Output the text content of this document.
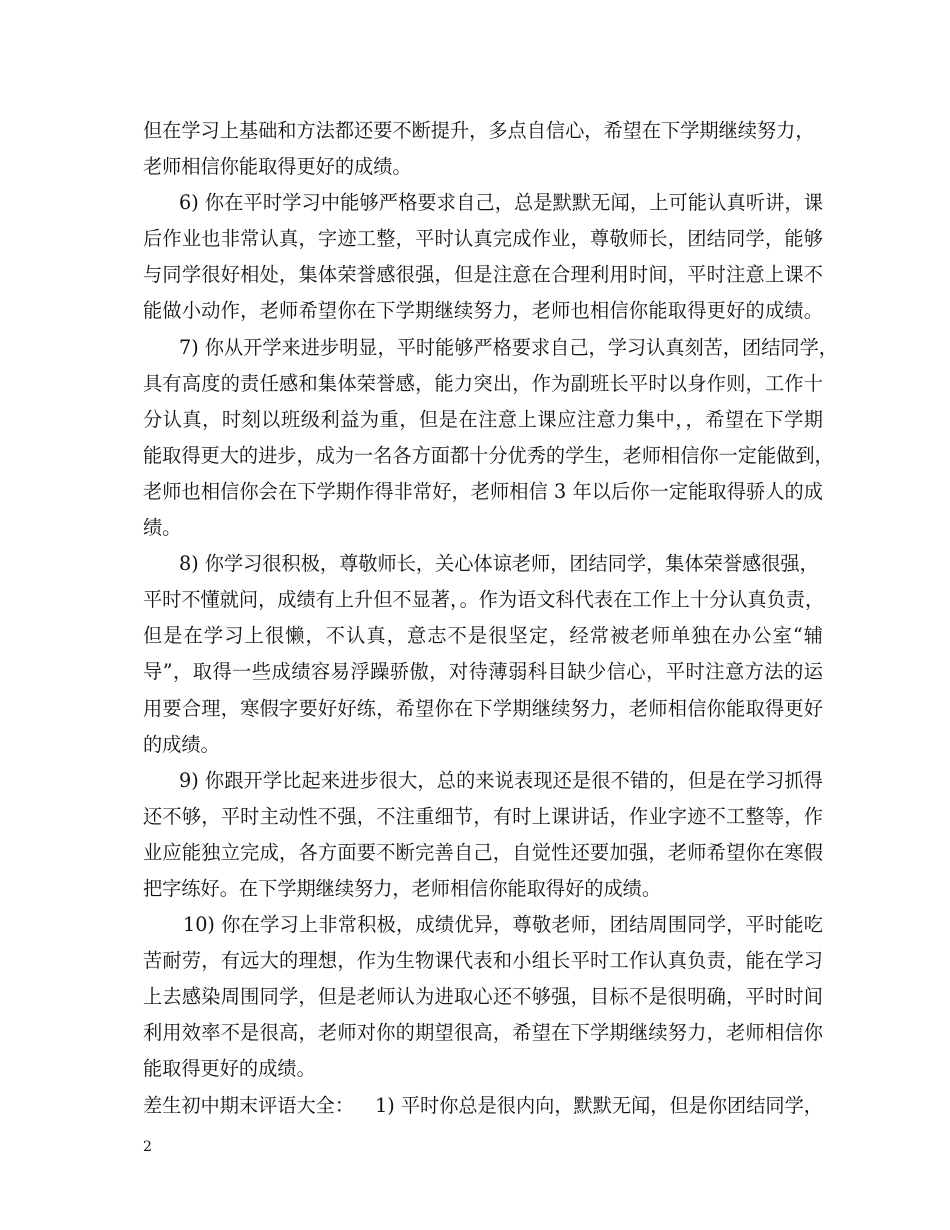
但在学习上基础和方法都还要不断提升，多点自信心，希望在下学期继续努力，
老师相信你能取得更好的成绩。
6) 你在平时学习中能够严格要求自己，总是默默无闻，上可能认真听讲，课
后作业也非常认真，字迹工整，平时认真完成作业，尊敬师长，团结同学，能够
与同学很好相处，集体荣誉感很强，但是注意在合理利用时间，平时注意上课不
能做小动作，老师希望你在下学期继续努力，老师也相信你能取得更好的成绩。
7) 你从开学来进步明显，平时能够严格要求自己，学习认真刻苦，团结同学，
具有高度的责任感和集体荣誉感，能力突出，作为副班长平时以身作则，工作十
分认真，时刻以班级利益为重，但是在注意上课应注意力集中，，希望在下学期
能取得更大的进步，成为一名各方面都十分优秀的学生，老师相信你一定能做到，
老师也相信你会在下学期作得非常好，老师相信 3 年以后你一定能取得骄人的成
绩。
8) 你学习很积极，尊敬师长，关心体谅老师，团结同学，集体荣誉感很强，
平时不懂就问，成绩有上升但不显著，。作为语文科代表在工作上十分认真负责，
但是在学习上很懒，不认真，意志不是很坚定，经常被老师单独在办公室“辅
导”，取得一些成绩容易浮躁骄傲，对待薄弱科目缺少信心，平时注意方法的运
用要合理，寒假字要好好练，希望你在下学期继续努力，老师相信你能取得更好
的成绩。
9) 你跟开学比起来进步很大，总的来说表现还是很不错的，但是在学习抓得
还不够，平时主动性不强，不注重细节，有时上课讲话，作业字迹不工整等，作
业应能独立完成，各方面要不断完善自己，自觉性还要加强，老师希望你在寒假
把字练好。在下学期继续努力，老师相信你能取得好的成绩。
10) 你在学习上非常积极，成绩优异，尊敬老师，团结周围同学，平时能吃
苦耐劳，有远大的理想，作为生物课代表和小组长平时工作认真负责，能在学习
上去感染周围同学，但是老师认为进取心还不够强，目标不是很明确，平时时间
利用效率不是很高，老师对你的期望很高，希望在下学期继续努力，老师相信你
能取得更好的成绩。
差生初中期末评语大全：	1) 平时你总是很内向，默默无闻，但是你团结同学，
2
